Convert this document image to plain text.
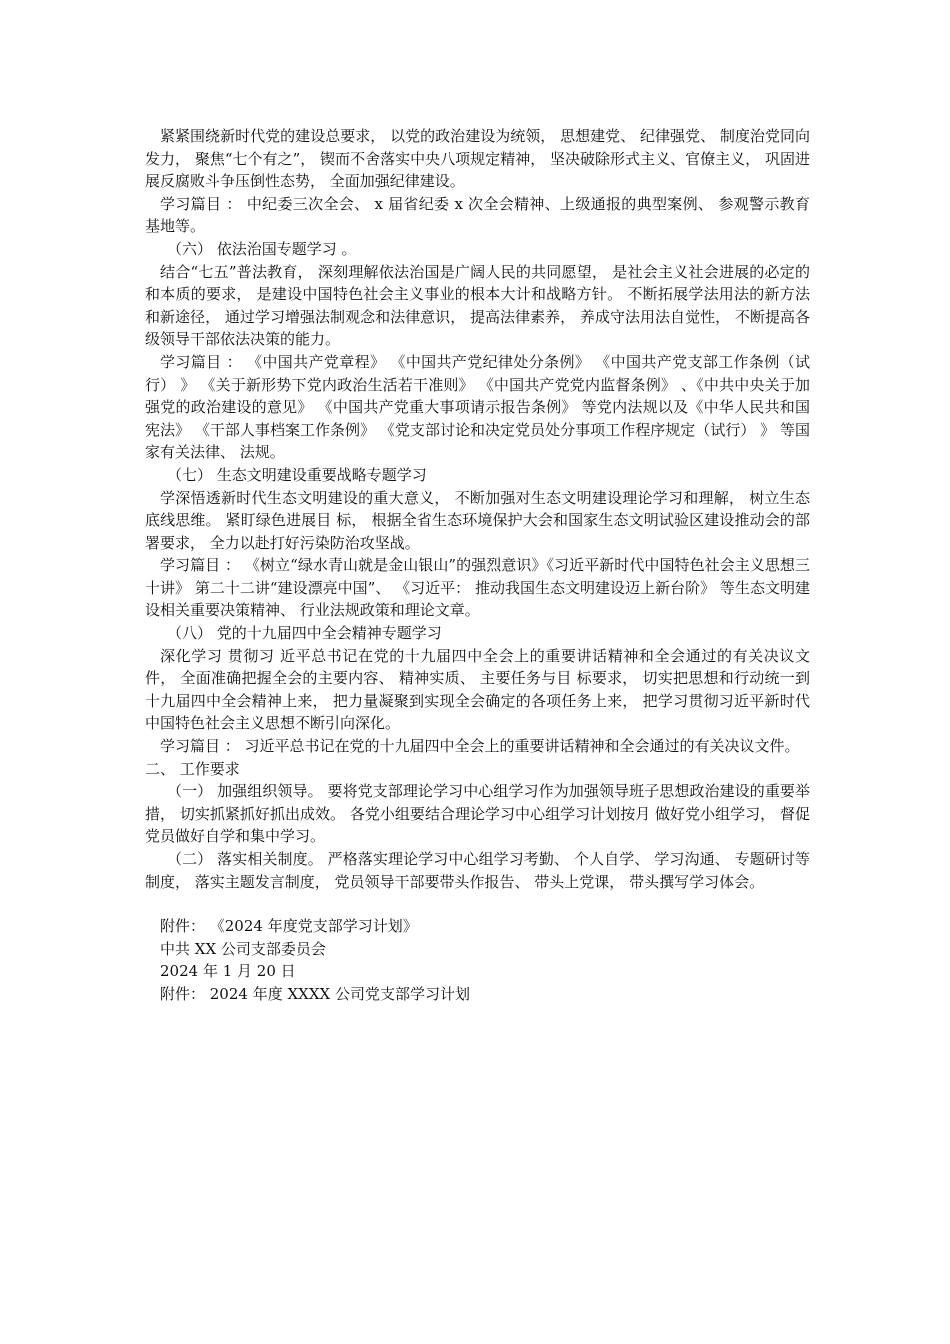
紧紧围绕新时代党的建设总要求， 以党的政治建设为统领， 思想建党、 纪律强党、 制度治党同向发力， 聚焦“七个有之”， 锲而不舍落实中央八项规定精神， 坚决破除形式主义、官僚主义， 巩固进展反腐败斗争压倒性态势， 全面加强纪律建设。

学习篇目 ： 中纪委三次全会、 x 届省纪委 x 次全会精神、上级通报的典型案例、 参观警示教育基地等。

（六） 依法治国专题学习 。

结合“七五”普法教育， 深刻理解依法治国是广阔人民的共同愿望， 是社会主义社会进展的必定的和本质的要求， 是建设中国特色社会主义事业的根本大计和战略方针。 不断拓展学法用法的新方法和新途径， 通过学习增强法制观念和法律意识， 提高法律素养， 养成守法用法自觉性， 不断提高各级领导干部依法决策的能力。

学习篇目 ： 《中国共产党章程》 《中国共产党纪律处分条例》 《中国共产党支部工作条例（试行） 》 《关于新形势下党内政治生活若干准则》 《中国共产党党内监督条例》 、《中共中央关于加强党的政治建设的意见》 《中国共产党重大事项请示报告条例》 等党内法规以及《中华人民共和国宪法》 《干部人事档案工作条例》 《党支部讨论和决定党员处分事项工作程序规定（试行） 》 等国家有关法律、 法规。

（七） 生态文明建设重要战略专题学习

学深悟透新时代生态文明建设的重大意义， 不断加强对生态文明建设理论学习和理解， 树立生态底线思维。 紧盯绿色进展目 标， 根据全省生态环境保护大会和国家生态文明试验区建设推动会的部署要求， 全力以赴打好污染防治攻坚战。

学习篇目 ： 《树立“绿水青山就是金山银山”的强烈意识》《习近平新时代中国特色社会主义思想三十讲》 第二十二讲“建设漂亮中国”、 《习近平： 推动我国生态文明建设迈上新台阶》 等生态文明建设相关重要决策精神、 行业法规政策和理论文章。

（八） 党的十九届四中全会精神专题学习

深化学习 贯彻习 近平总书记在党的十九届四中全会上的重要讲话精神和全会通过的有关决议文件， 全面准确把握全会的主要内容、 精神实质、 主要任务与目 标要求， 切实把思想和行动统一到十九届四中全会精神上来， 把力量凝聚到实现全会确定的各项任务上来， 把学习贯彻习近平新时代中国特色社会主义思想不断引向深化。

学习篇目 ： 习近平总书记在党的十九届四中全会上的重要讲话精神和全会通过的有关决议文件。

二、 工作要求

（一） 加强组织领导。 要将党支部理论学习中心组学习作为加强领导班子思想政治建设的重要举措， 切实抓紧抓好抓出成效。 各党小组要结合理论学习中心组学习计划按月 做好党小组学习， 督促党员做好自学和集中学习。

（二） 落实相关制度。 严格落实理论学习中心组学习考勤、 个人自学、 学习沟通、 专题研讨等制度， 落实主题发言制度， 党员领导干部要带头作报告、 带头上党课， 带头撰写学习体会。

附件： 《2024 年度党支部学习计划》

中共 XX 公司支部委员会

2024 年 1 月 20 日

附件： 2024 年度 XXXX 公司党支部学习计划
